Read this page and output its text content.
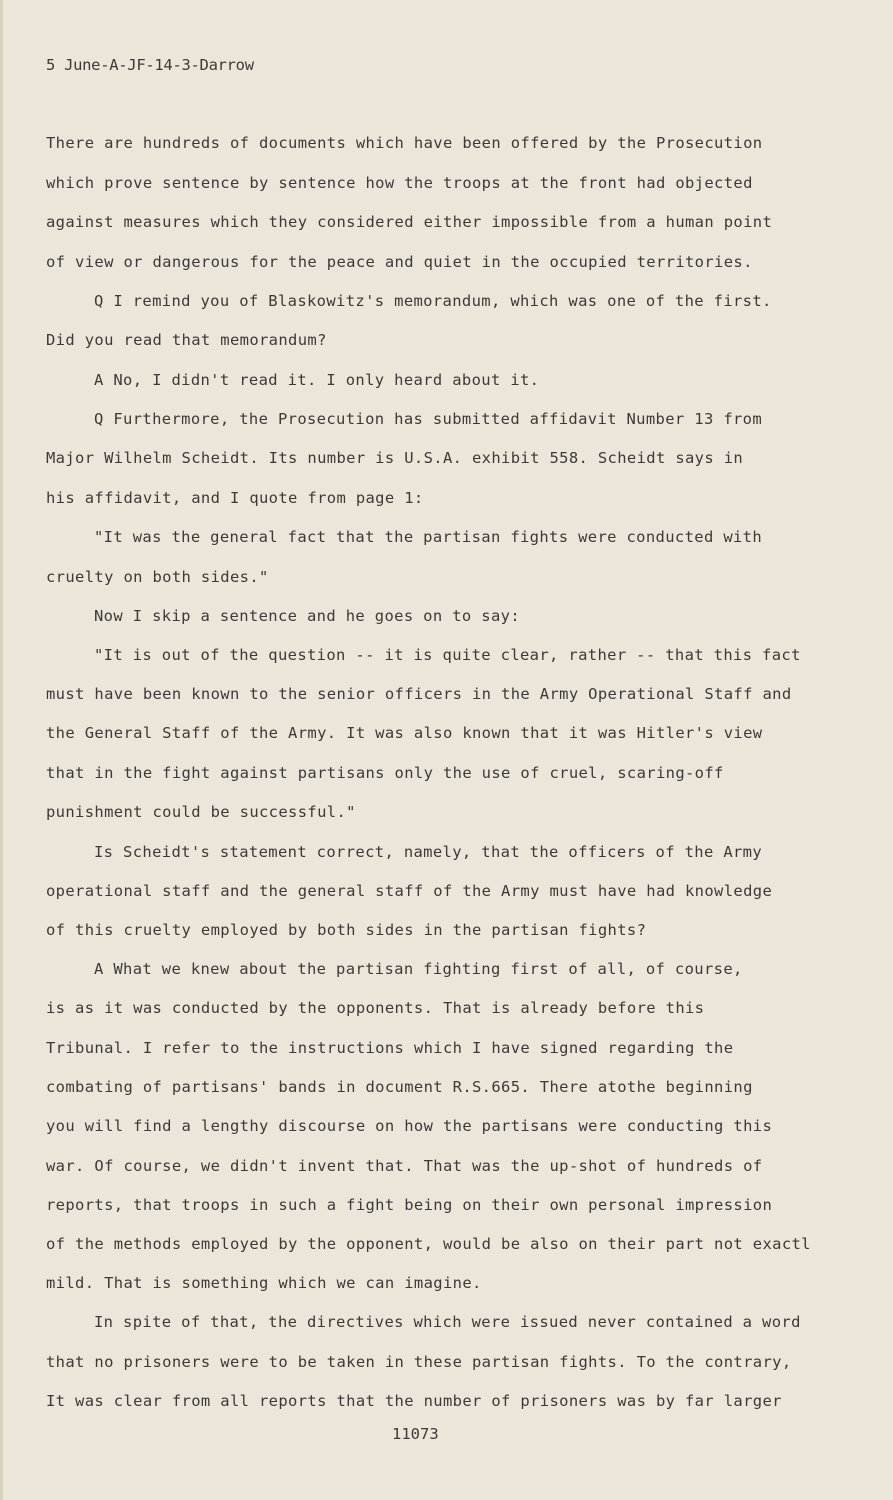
5 June-A-JF-14-3-Darrow
There are hundreds of documents which have been offered by the Prosecution
which prove sentence by sentence how the troops at the front had objected
against measures which they considered either impossible from a human point
of view or dangerous for the peace and quiet in the occupied territories.
Q I remind you of Blaskowitz's memorandum, which was one of the first.
Did you read that memorandum?
A No, I didn't read it. I only heard about it.
Q Furthermore, the Prosecution has submitted affidavit Number 13 from
Major Wilhelm Scheidt. Its number is U.S.A. exhibit 558. Scheidt says in
his affidavit, and I quote from page 1:
"It was the general fact that the partisan fights were conducted with
cruelty on both sides."
Now I skip a sentence and he goes on to say:
"It is out of the question -- it is quite clear, rather -- that this fact
must have been known to the senior officers in the Army Operational Staff and
the General Staff of the Army. It was also known that it was Hitler's view
that in the fight against partisans only the use of cruel, scaring-off
punishment could be successful."
Is Scheidt's statement correct, namely, that the officers of the Army
operational staff and the general staff of the Army must have had knowledge
of this cruelty employed by both sides in the partisan fights?
A What we knew about the partisan fighting first of all, of course,
is as it was conducted by the opponents. That is already before this
Tribunal. I refer to the instructions which I have signed regarding the
combating of partisans' bands in document R.S.665. There atothe beginning
you will find a lengthy discourse on how the partisans were conducting this
war. Of course, we didn't invent that. That was the up-shot of hundreds of
reports, that troops in such a fight being on their own personal impression
of the methods employed by the opponent, would be also on their part not exactl
mild. That is something which we can imagine.
In spite of that, the directives which were issued never contained a word
that no prisoners were to be taken in these partisan fights. To the contrary,
It was clear from all reports that the number of prisoners was by far larger
11073
